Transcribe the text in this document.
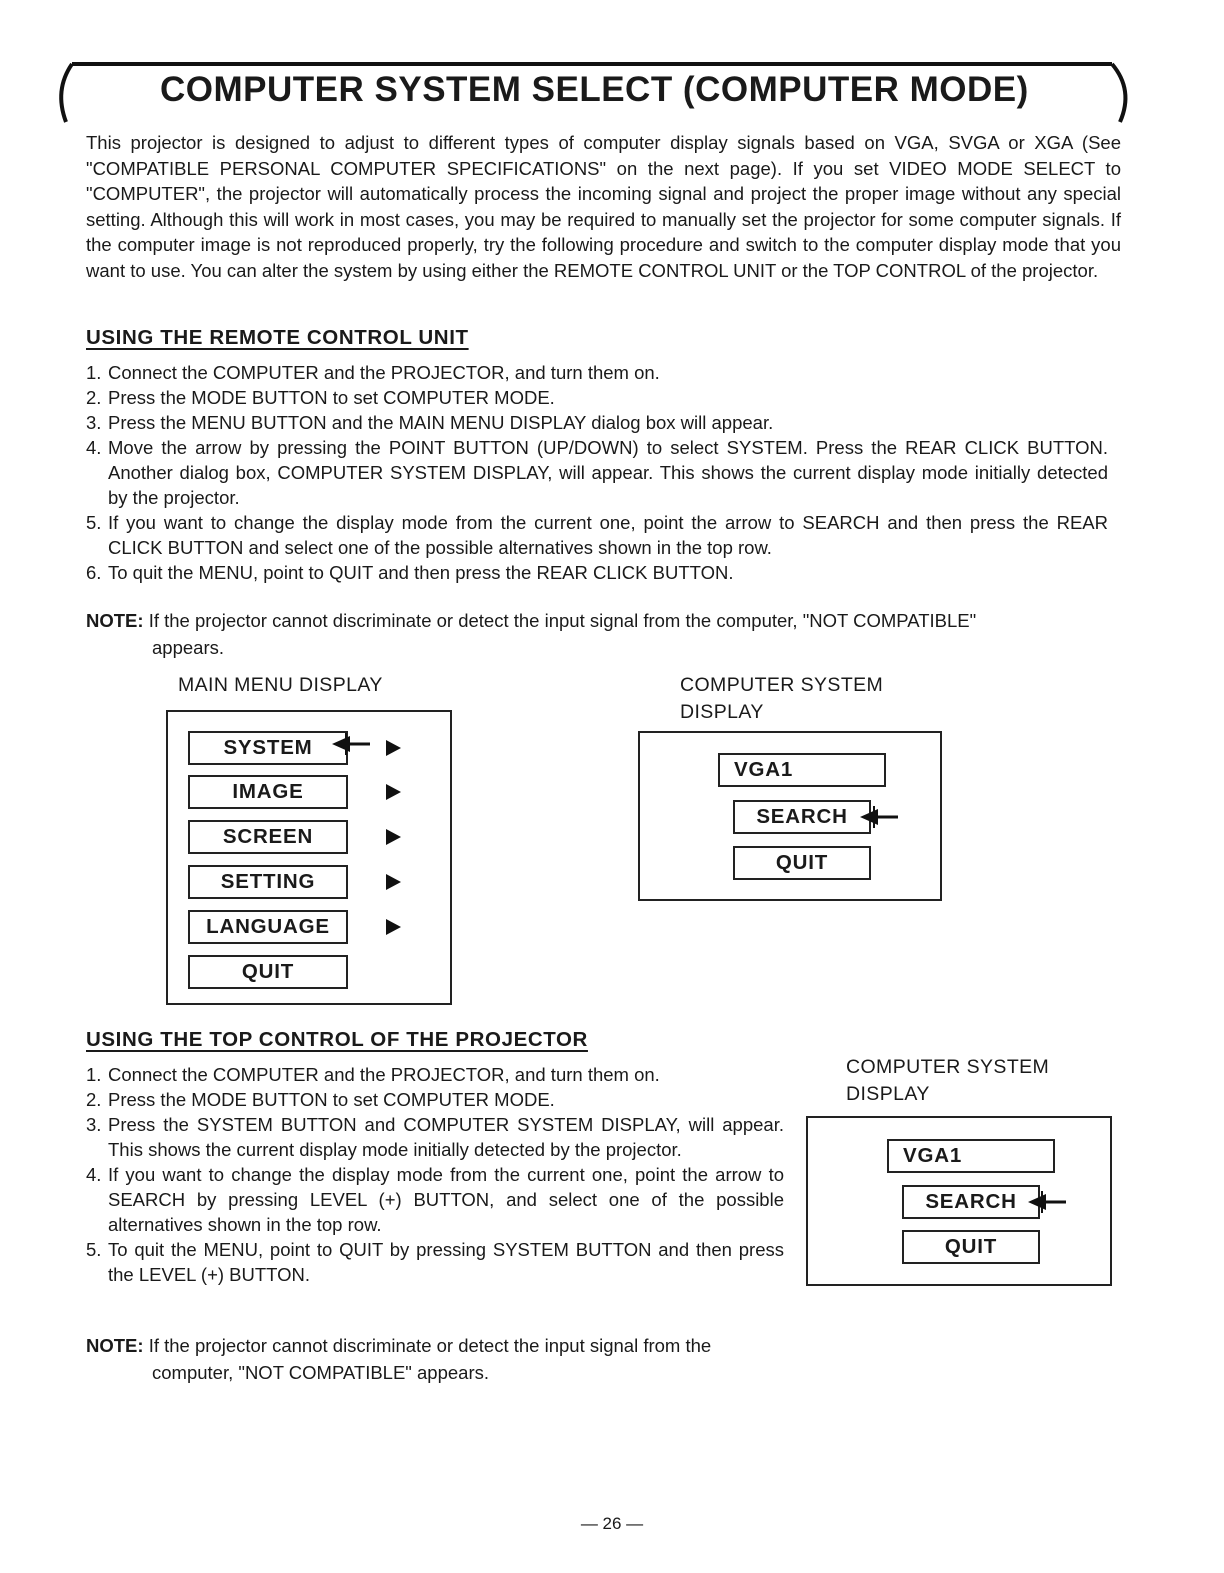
COMPUTER SYSTEM SELECT (COMPUTER MODE)

This projector is designed to adjust to different types of computer display signals based on VGA, SVGA or XGA (See "COMPATIBLE PERSONAL COMPUTER SPECIFICATIONS" on the next page). If you set VIDEO MODE SELECT to "COMPUTER", the projector will automatically process the incoming signal and project the proper image without any special setting. Although this will work in most cases, you may be required to manually set the projector for some computer signals. If the computer image is not reproduced properly, try the following procedure and switch to the computer display mode that you want to use. You can alter the system by using either the REMOTE CONTROL UNIT or the TOP CONTROL of the projector.

USING THE REMOTE CONTROL UNIT
1. Connect the COMPUTER and the PROJECTOR, and turn them on.
2. Press the MODE BUTTON to set COMPUTER MODE.
3. Press the MENU BUTTON and the MAIN MENU DISPLAY dialog box will appear.
4. Move the arrow by pressing the POINT BUTTON (UP/DOWN) to select SYSTEM. Press the REAR CLICK BUTTON. Another dialog box, COMPUTER SYSTEM DISPLAY, will appear. This shows the current display mode initially detected by the projector.
5. If you want to change the display mode from the current one, point the arrow to SEARCH and then press the REAR CLICK BUTTON and select one of the possible alternatives shown in the top row.
6. To quit the MENU, point to QUIT and then press the REAR CLICK BUTTON.

NOTE: If the projector cannot discriminate or detect the input signal from the computer, "NOT COMPATIBLE"
appears.

MAIN MENU DISPLAY
SYSTEM
IMAGE
SCREEN
SETTING
LANGUAGE
QUIT
COMPUTER SYSTEM
DISPLAY
VGA1
SEARCH
QUIT
USING THE TOP CONTROL OF THE PROJECTOR
1. Connect the COMPUTER and the PROJECTOR, and turn them on.
2. Press the MODE BUTTON to set COMPUTER MODE.
3. Press the SYSTEM BUTTON and COMPUTER SYSTEM DISPLAY, will appear. This shows the current display mode initially detected by the projector.
4. If you want to change the display mode from the current one, point the arrow to SEARCH by pressing LEVEL (+) BUTTON, and select one of the possible alternatives shown in the top row.
5. To quit the MENU, point to QUIT by pressing SYSTEM BUTTON and then press the LEVEL (+) BUTTON.

NOTE: If the projector cannot discriminate or detect the input signal from the
computer, "NOT COMPATIBLE" appears.

COMPUTER SYSTEM
DISPLAY
VGA1
SEARCH
QUIT
— 26 —
